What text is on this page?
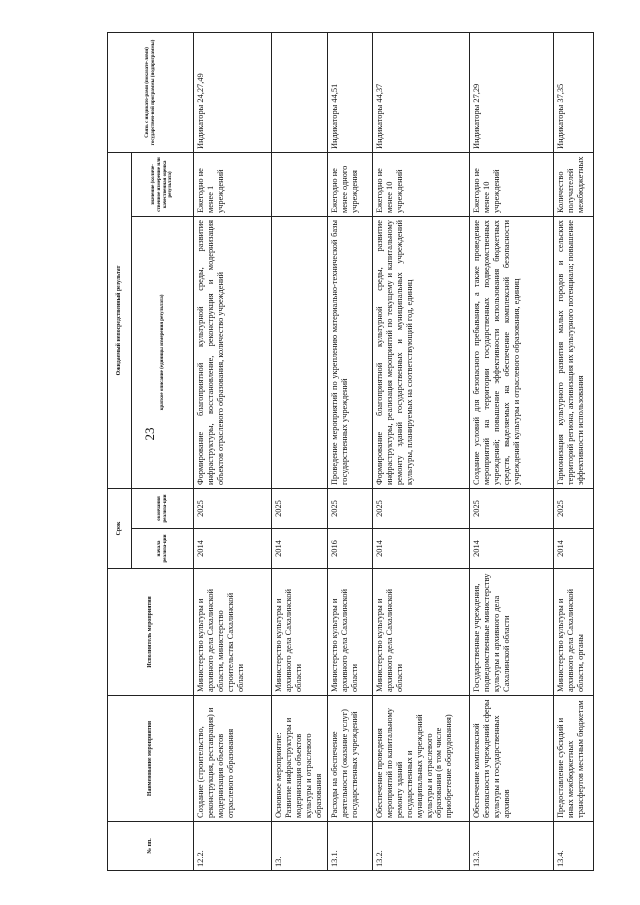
23
№ пп.	Наименование мероприятия	Исполнитель мероприятия	Срок		Ожидаемый непосредственный результат		Связь с индикато-рами (показате-лями) государствен-ной программы (подпрограммы)
			начала реализа-ции	окончания реализа-ции	краткое описание (единицы измерения результата)	значение (количе-ственное измерение или качественная оценка результата)	
12.2.	Создание (строительство, реконструкция, реставрация) и модернизация объектов отраслевого образования	Министерство культуры и архивного дела Сахалинской области, министерство строительства Сахалинской области	2014	2025	Формирование благоприятной культурной среды, развитие инфраструктуры, восстановление, реконструкция и модернизация объектов отраслевого образования, количество учреждений	Ежегодно не менее 1 учреждений	Индикаторы 24,27,49
13.	Основное мероприятие: Развитие инфраструктуры и модернизация объектов культуры и отраслевого образования	Министерство культуры и архивного дела Сахалинской области	2014	2025			
13.1.	Расходы на обеспечение деятельности (оказание услуг) государственных учреждений	Министерство культуры и архивного дела Сахалинской области	2016	2025	Проведение мероприятий по укреплению материально-технической базы государственных учреждений	Ежегодно не менее одного учреждения	Индикаторы 44,51
13.2.	Обеспечение проведения мероприятий по капитальному ремонту зданий государственных и муниципальных учреждений культуры и отраслевого образования (в том числе приобретение оборудования)	Министерство культуры и архивного дела Сахалинской области	2014	2025	Формирование благоприятной культурной среды, развитие инфраструктуры, реализация мероприятий по текущему и капитальному ремонту зданий государственных и муниципальных учреждений культуры, планируемых на соответствующий год, единиц	Ежегодно не менее 10 учреждений	Индикаторы 44,37
13.3.	Обеспечение комплексной безопасности учреждений сферы культуры и государственных архивов	Государственные учреждения, подведомственные министерству культуры и архивного дела Сахалинской области	2014	2025	Создание условий для безопасного пребывания, а также проведение мероприятий на территории государственных подведомственных учреждений; повышение эффективности использования бюджетных средств, выделяемых на обеспечение комплексной безопасности учреждений культуры и отраслевого образования, единиц	Ежегодно не менее 10 учреждений	Индикаторы 27,29
13.4.	Предоставление субсидий и иных межбюджетных трансфертов местным бюджетам	Министерство культуры и архивного дела Сахалинской области, органы	2014	2025	Гармонизация культурного развития малых городов и сельских территорий региона, активизация их культурного потенциала; повышение эффективности использования	Количество получателей межбюджетных	Индикаторы 37,35
